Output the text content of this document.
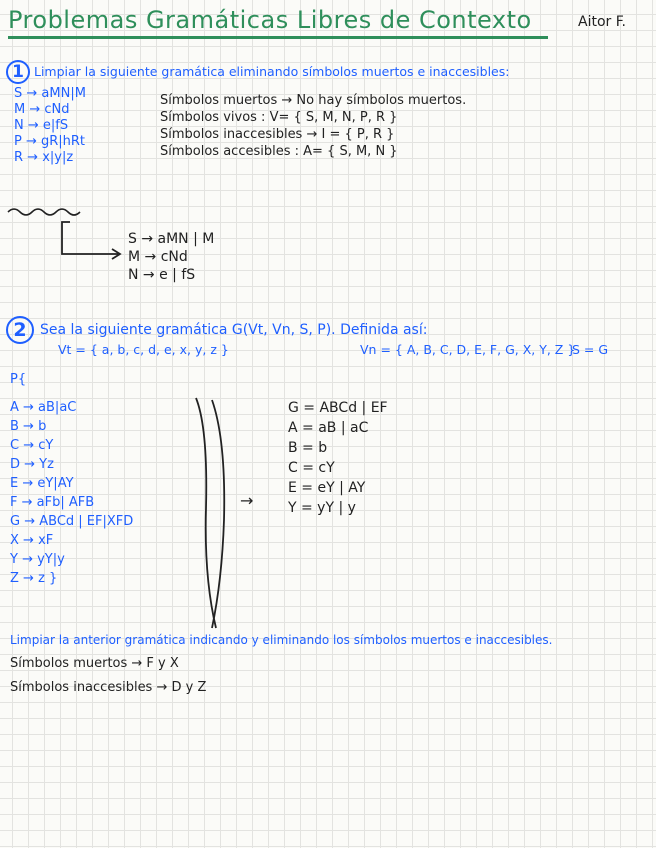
Problemas Gramáticas Libres de Contexto	Aitor F.
1 Limpiar la siguiente gramática eliminando símbolos muertos e inaccesibles:
S → aMN|M
M → cNd
N → e|fS
P → gR|hRt
R → x|y|z
Símbolos muertos → No hay símbolos muertos.
Símbolos vivos : V= { S, M, N, P, R }
Símbolos inaccesibles → I = { P, R }
Símbolos accesibles : A= { S, M, N }
S → aMN | M
M → cNd
N → e | fS
2 Sea la siguiente gramática G(Vt, Vn, S, P). Definida así:
Vt = { a, b, c, d, e, x, y, z }	Vn = { A, B, C, D, E, F, G, X, Y, Z }
S = G
P{
A → aB|aC
B → b
C → cY
D → Yz
E → eY|AY
F → aFb| AFB
G → ABCd | EF|XFD
X → xF
Y → yY|y
Z → z }
→
G = ABCd | EF
A = aB | aC
B = b
C = cY
E = eY | AY
Y = yY | y
Limpiar la anterior gramática indicando y eliminando los símbolos muertos e inaccesibles.
Símbolos muertos → F y X
Símbolos inaccesibles → D y Z
